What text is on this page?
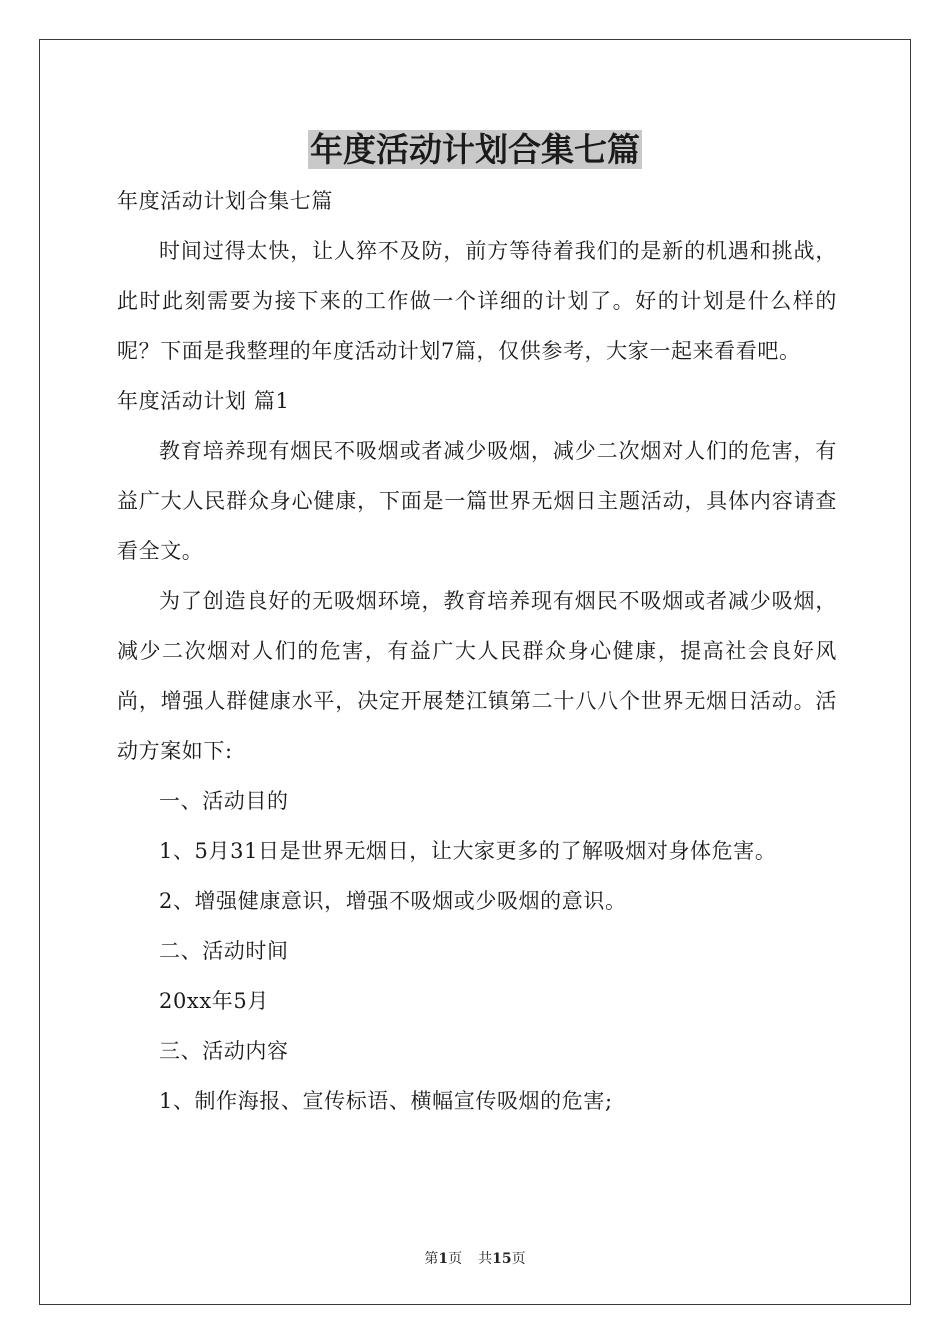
年度活动计划合集七篇

年度活动计划合集七篇

时间过得太快，让人猝不及防，前方等待着我们的是新的机遇和挑战，此时此刻需要为接下来的工作做一个详细的计划了。好的计划是什么样的呢？下面是我整理的年度活动计划7篇，仅供参考，大家一起来看看吧。

年度活动计划 篇1

教育培养现有烟民不吸烟或者减少吸烟，减少二次烟对人们的危害，有益广大人民群众身心健康，下面是一篇世界无烟日主题活动，具体内容请查看全文。

为了创造良好的无吸烟环境，教育培养现有烟民不吸烟或者减少吸烟，减少二次烟对人们的危害，有益广大人民群众身心健康，提高社会良好风尚，增强人群健康水平，决定开展楚江镇第二十八八个世界无烟日活动。活动方案如下:

一、活动目的

1、5月31日是世界无烟日，让大家更多的了解吸烟对身体危害。

2、增强健康意识，增强不吸烟或少吸烟的意识。

二、活动时间

20xx年5月

三、活动内容

1、制作海报、宣传标语、横幅宣传吸烟的危害;

第1页 共15页
